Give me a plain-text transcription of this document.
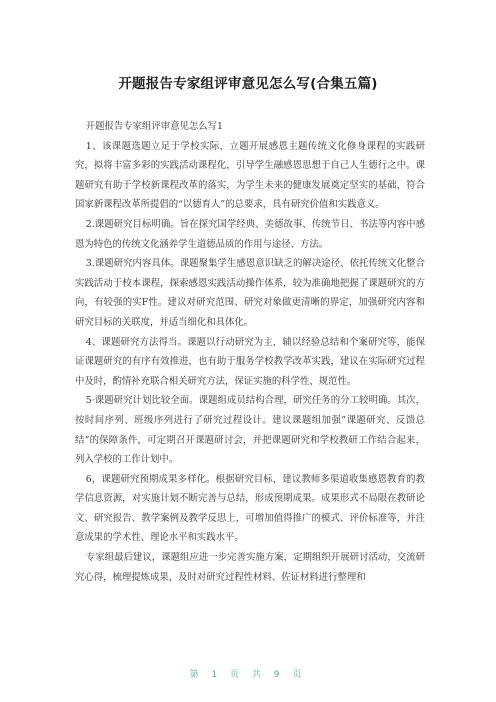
开题报告专家组评审意见怎么写(合集五篇)

开题报告专家组评审意见怎么写1

1、该课题选题立足于学校实际，立题开展感恩主题传统文化修身课程的实践研究，拟将丰富多彩的实践活动课程化，引导学生融感恩思想于自己人生德行之中。课题研究有助于学校新课程改革的落实，为学生未来的健康发展奠定坚实的基础，符合国家新课程改革所提倡的“以德育人”的总要求，具有研究价值和实践意义。

2.课题研究目标明确。旨在探究国学经典、美德故事、传统节日、书法等内容中感恩为特色的传统文化涵养学生道德品质的作用与途径、方法。

3.课题研究内容具体。课题聚集学生感恩意识缺乏的解决途径、依托传统文化整合实践活动于校本课程，探索感恩实践活动操作体系，较为准确地把握了课题研究的方向，有较强的实F性。建议对研究范围、研究对象做更清晰的界定，加强研究内容和研究目标的关联度，并适当细化和具体化。

4、课题研究方法得当。课题以行动研究为主，辅以经验总结和个案研究等，能保证课题研究的有序有效推进，也有助于服务学校教学改革实践，建议在实际研究过程中及时，酌情补充联合相关研究方法，保证实施的科学性、规范性。

5·课题研究计划比较全面。课题组成员结构合理，研究任务的分工较明确。其次，按时间序列、班级序列进行了研究过程设计。建议课题组加强”课题研究、反馈总结”的保障条件，可定期召开课题研讨会，并把课题研究和学校教研工作结合起来，列入学校的工作计划中。

6，课题研究预期成果多样化。根据研究目标，建议教师多渠道收集感恩教育的教学信息资源，对实施计划不断完善与总结，形成预期成果。成果形式不局限在教研论文、研究报告、教学案例及教学反思上，可增加值得推广的模式、评价标准等，并注意成果的学术性、理论水平和实践水平。

专家组最后建议，课题组应进一步完善实施方案，定期组织开展研讨活动，交流研究心得，梳理提炼成果，及时对研究过程性材料、佐证材料进行整理和

第 1 页 共 9 页
